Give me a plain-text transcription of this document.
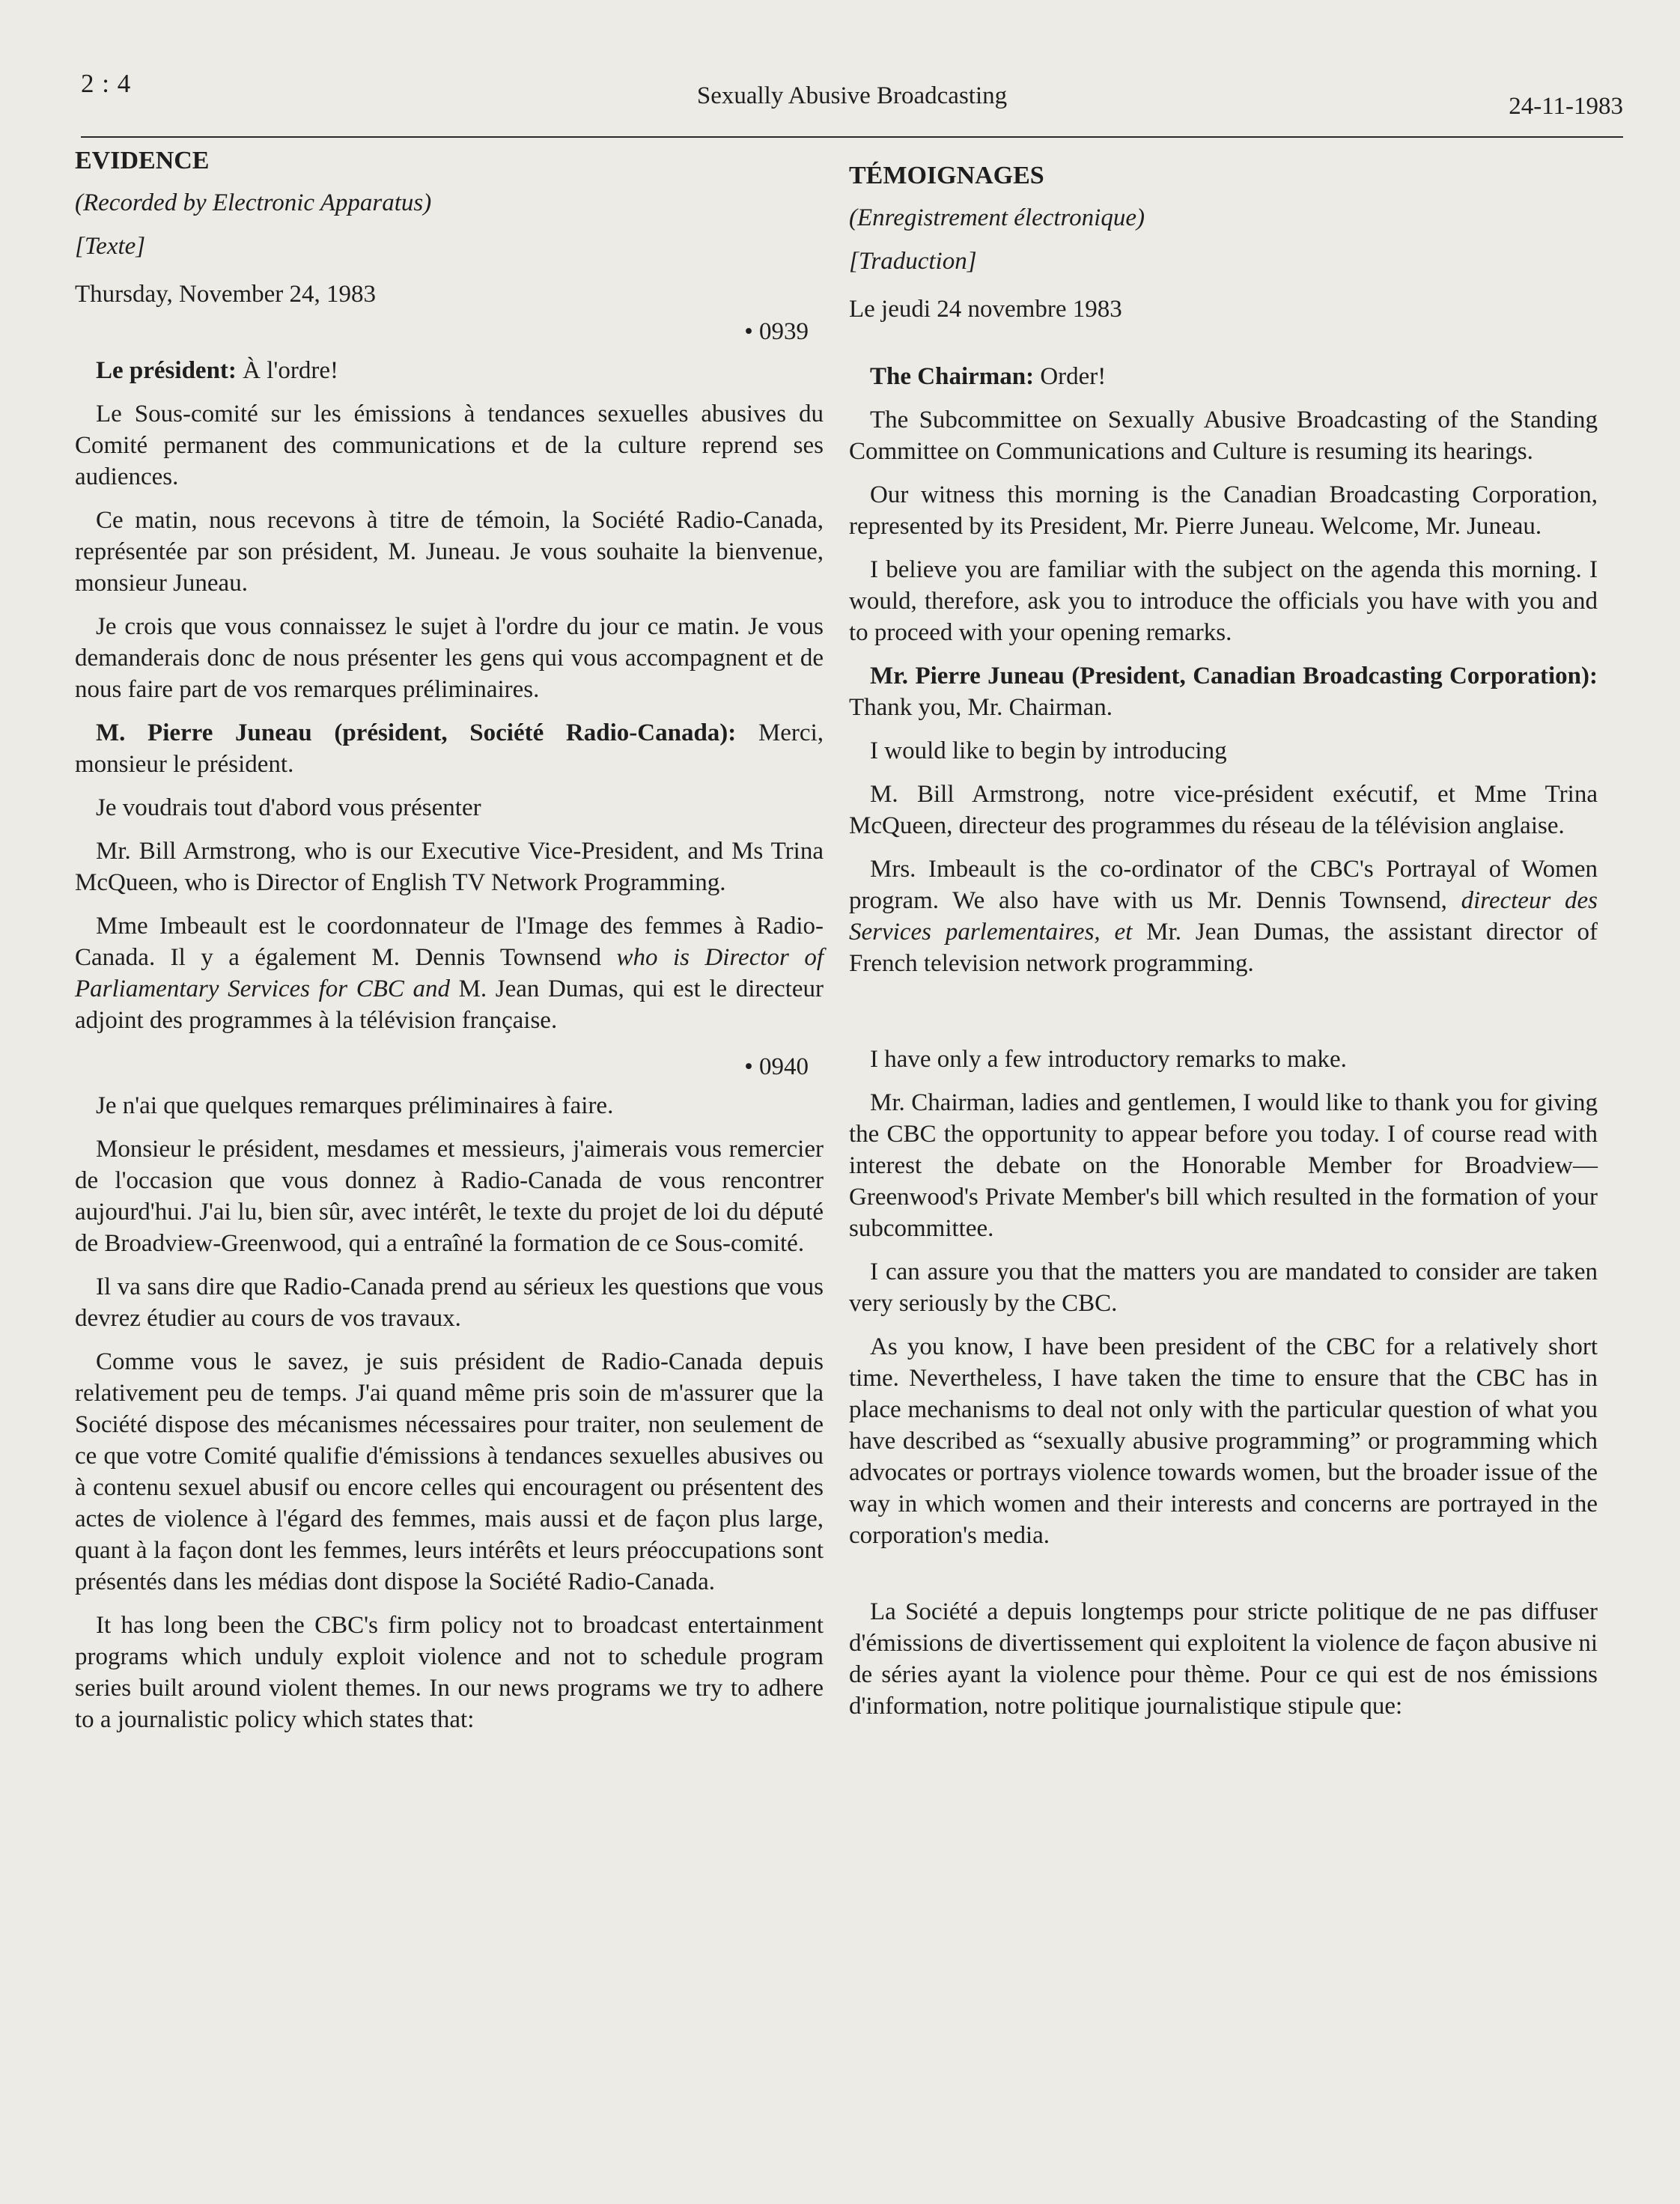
2 : 4	Sexually Abusive Broadcasting	24-11-1983

EVIDENCE

(Recorded by Electronic Apparatus)

[Texte]

Thursday, November 24, 1983

• 0939

Le président: À l'ordre!

Le Sous-comité sur les émissions à tendances sexuelles abusives du Comité permanent des communications et de la culture reprend ses audiences.

Ce matin, nous recevons à titre de témoin, la Société Radio-Canada, représentée par son président, M. Juneau. Je vous souhaite la bienvenue, monsieur Juneau.

Je crois que vous connaissez le sujet à l'ordre du jour ce matin. Je vous demanderais donc de nous présenter les gens qui vous accompagnent et de nous faire part de vos remarques préliminaires.

M. Pierre Juneau (président, Société Radio-Canada): Merci, monsieur le président.

Je voudrais tout d'abord vous présenter

Mr. Bill Armstrong, who is our Executive Vice-President, and Ms Trina McQueen, who is Director of English TV Network Programming.

Mme Imbeault est le coordonnateur de l'Image des femmes à Radio-Canada. Il y a également M. Dennis Townsend who is Director of Parliamentary Services for CBC and M. Jean Dumas, qui est le directeur adjoint des programmes à la télévision française.

• 0940

Je n'ai que quelques remarques préliminaires à faire.

Monsieur le président, mesdames et messieurs, j'aimerais vous remercier de l'occasion que vous donnez à Radio-Canada de vous rencontrer aujourd'hui. J'ai lu, bien sûr, avec intérêt, le texte du projet de loi du député de Broadview-Greenwood, qui a entraîné la formation de ce Sous-comité.

Il va sans dire que Radio-Canada prend au sérieux les questions que vous devrez étudier au cours de vos travaux.

Comme vous le savez, je suis président de Radio-Canada depuis relativement peu de temps. J'ai quand même pris soin de m'assurer que la Société dispose des mécanismes nécessaires pour traiter, non seulement de ce que votre Comité qualifie d'émissions à tendances sexuelles abusives ou à contenu sexuel abusif ou encore celles qui encouragent ou présentent des actes de violence à l'égard des femmes, mais aussi et de façon plus large, quant à la façon dont les femmes, leurs intérêts et leurs préoccupations sont présentés dans les médias dont dispose la Société Radio-Canada.

It has long been the CBC's firm policy not to broadcast entertainment programs which unduly exploit violence and not to schedule program series built around violent themes. In our news programs we try to adhere to a journalistic policy which states that:

TÉMOIGNAGES

(Enregistrement électronique)

[Traduction]

Le jeudi 24 novembre 1983

The Chairman: Order!

The Subcommittee on Sexually Abusive Broadcasting of the Standing Committee on Communications and Culture is resuming its hearings.

Our witness this morning is the Canadian Broadcasting Corporation, represented by its President, Mr. Pierre Juneau. Welcome, Mr. Juneau.

I believe you are familiar with the subject on the agenda this morning. I would, therefore, ask you to introduce the officials you have with you and to proceed with your opening remarks.

Mr. Pierre Juneau (President, Canadian Broadcasting Corporation): Thank you, Mr. Chairman.

I would like to begin by introducing

M. Bill Armstrong, notre vice-président exécutif, et Mme Trina McQueen, directeur des programmes du réseau de la télévision anglaise.

Mrs. Imbeault is the co-ordinator of the CBC's Portrayal of Women program. We also have with us Mr. Dennis Townsend, directeur des Services parlementaires, et Mr. Jean Dumas, the assistant director of French television network programming.

I have only a few introductory remarks to make.

Mr. Chairman, ladies and gentlemen, I would like to thank you for giving the CBC the opportunity to appear before you today. I of course read with interest the debate on the Honorable Member for Broadview—Greenwood's Private Member's bill which resulted in the formation of your subcommittee.

I can assure you that the matters you are mandated to consider are taken very seriously by the CBC.

As you know, I have been president of the CBC for a relatively short time. Nevertheless, I have taken the time to ensure that the CBC has in place mechanisms to deal not only with the particular question of what you have described as “sexually abusive programming” or programming which advocates or portrays violence towards women, but the broader issue of the way in which women and their interests and concerns are portrayed in the corporation's media.

La Société a depuis longtemps pour stricte politique de ne pas diffuser d'émissions de divertissement qui exploitent la violence de façon abusive ni de séries ayant la violence pour thème. Pour ce qui est de nos émissions d'information, notre politique journalistique stipule que:
